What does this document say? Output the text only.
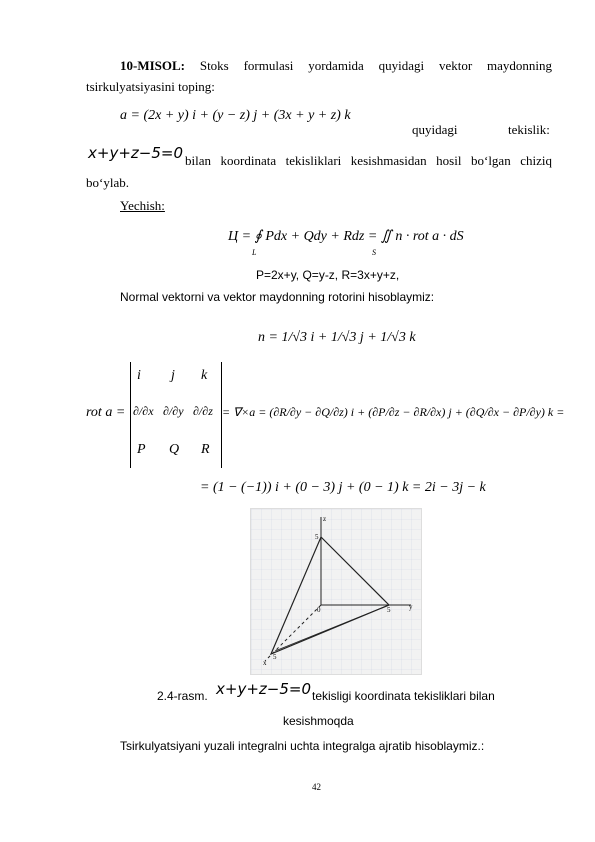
10-MISOL: Stoks formulasi yordamida quyidagi vektor maydonning
tsirkulyatsiyasini toping:
a = (2x + y) i + (y − z) j + (3x + y + z) k
quyidagi	tekislik:
x+y+z−5=0 bilan koordinata tekisliklari kesishmasidan hosil bo‘lgan chiziq
bo‘ylab.
Yechish:
Ц = ∮ Pdx + Qdy + Rdz = ∬ n · rot a · dS
L	S
P=2x+y, Q=y-z, R=3x+y+z,
Normal vektorni va vektor maydonning rotorini hisoblaymiz:
n = 1/√3 i + 1/√3 j + 1/√3 k
rot a =
i j k
∂/∂x ∂/∂y ∂/∂z
P Q R
= ∇×a = (∂R/∂y − ∂Q/∂z) i + (∂P/∂z − ∂R/∂x) j + (∂Q/∂x − ∂P/∂y) k =
= (1 − (−1)) i + (0 − 3) j + (0 − 1) k = 2i − 3j − k
z
y
x
0
5
5
5
2.4-rasm. x+y+z−5=0 tekisligi koordinata tekisliklari bilan
kesishmoqda
Tsirkulyatsiyani yuzali integralni uchta integralga ajratib hisoblaymiz.:
42
